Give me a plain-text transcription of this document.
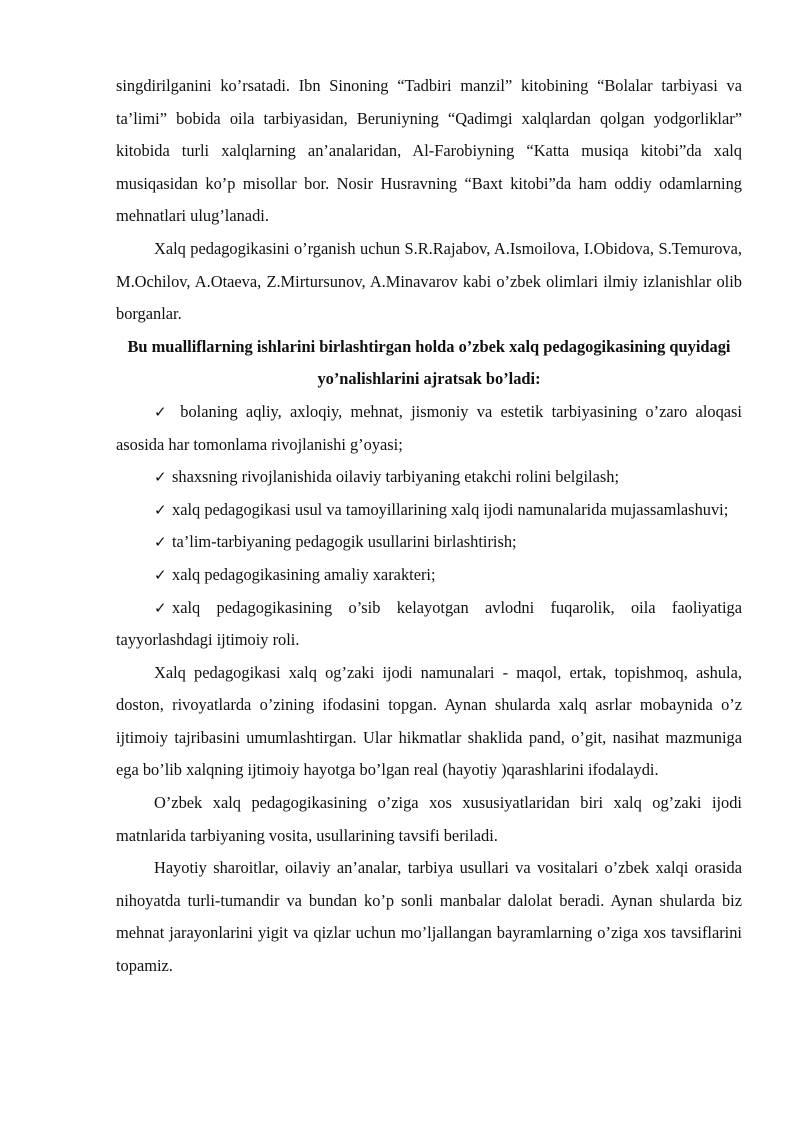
singdirilganini ko’rsatadi. Ibn Sinoning “Tadbiri manzil” kitobining “Bolalar tarbiyasi va ta’limi” bobida oila tarbiyasidan, Beruniyning “Qadimgi xalqlardan qolgan yodgorliklar” kitobida turli xalqlarning an’analaridan, Al-Farobiyning “Katta musiqa kitobi”da xalq musiqasidan ko’p misollar bor. Nosir Husravning “Baxt kitobi”da ham oddiy odamlarning mehnatlari ulug’lanadi.

Xalq pedagogikasini o’rganish uchun S.R.Rajabov, A.Ismoilova, I.Obidova, S.Temurova, M.Ochilov, A.Otaeva, Z.Mirtursunov, A.Minavarov kabi o’zbek olimlari ilmiy izlanishlar olib borganlar.

Bu mualliflarning ishlarini birlashtirgan holda o’zbek xalq pedagogikasining quyidagi yo’nalishlarini ajratsak bo’ladi:

✓ bolaning aqliy, axloqiy, mehnat, jismoniy va estetik tarbiyasining o’zaro aloqasi asosida har tomonlama rivojlanishi g’oyasi;

✓ shaxsning rivojlanishida oilaviy tarbiyaning etakchi rolini belgilash;

✓ xalq pedagogikasi usul va tamoyillarining xalq ijodi namunalarida mujassamlashuvi;

✓ ta’lim-tarbiyaning pedagogik usullarini birlashtirish;

✓ xalq pedagogikasining amaliy xarakteri;

✓ xalq pedagogikasining o’sib kelayotgan avlodni fuqarolik, oila faoliyatiga tayyorlashdagi ijtimoiy roli.

Xalq pedagogikasi xalq og’zaki ijodi namunalari - maqol, ertak, topishmoq, ashula, doston, rivoyatlarda o’zining ifodasini topgan. Aynan shularda xalq asrlar mobaynida o’z ijtimoiy tajribasini umumlashtirgan. Ular hikmatlar shaklida pand, o’git, nasihat mazmuniga ega bo’lib xalqning ijtimoiy hayotga bo’lgan real (hayotiy )qarashlarini ifodalaydi.

O’zbek xalq pedagogikasining o’ziga xos xususiyatlaridan biri xalq og’zaki ijodi matnlarida tarbiyaning vosita, usullarining tavsifi beriladi.

Hayotiy sharoitlar, oilaviy an’analar, tarbiya usullari va vositalari o’zbek xalqi orasida nihoyatda turli-tumandir va bundan ko’p sonli manbalar dalolat beradi. Aynan shularda biz mehnat jarayonlarini yigit va qizlar uchun mo’ljallangan bayramlarning o’ziga xos tavsiflarini topamiz.
